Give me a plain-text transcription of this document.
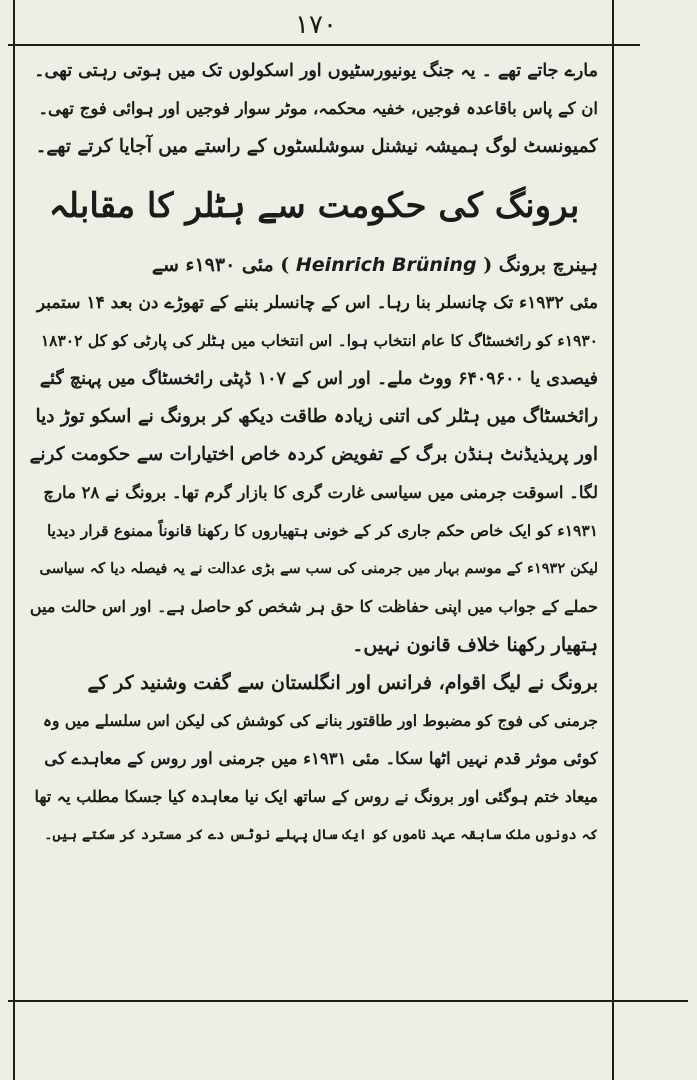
۱۷۰
مارے جاتے تھے ۔ یہ جنگ یونیورسٹیوں اور اسکولوں تک میں ہوتی رہتی تھی۔
ان کے پاس باقاعدہ فوجیں، خفیہ محکمہ، موٹر سوار فوجیں اور ہوائی فوج تھی۔
کمیونسٹ لوگ ہمیشہ نیشنل سوشلسٹوں کے راستے میں آجایا کرتے تھے۔
برونگ کی حکومت سے ہٹلر کا مقابلہ
ہینرچ برونگ ( Heinrich Brüning ) مئی ۱۹۳۰ء سے
مئی ۱۹۳۲ء تک چانسلر بنا رہا۔ اس کے چانسلر بننے کے تھوڑے دن بعد ۱۴ ستمبر
۱۹۳۰ء کو رائخسٹاگ کا عام انتخاب ہوا۔ اس انتخاب میں ہٹلر کی پارٹی کو کل ۱۸۳۰۲
فیصدی یا ۶۴۰۹۶۰۰ ووٹ ملے۔ اور اس کے ۱۰۷ ڈپٹی رائخسٹاگ میں پہنچ گئے
رائخسٹاگ میں ہٹلر کی اتنی زیادہ طاقت دیکھ کر برونگ نے اسکو توڑ دیا
اور پریذیڈنٹ ہنڈن برگ کے تفویض کردہ خاص اختیارات سے حکومت کرنے
لگا۔ اسوقت جرمنی میں سیاسی غارت گری کا بازار گرم تھا۔ برونگ نے ۲۸ مارچ
۱۹۳۱ء کو ایک خاص حکم جاری کر کے خونی ہتھیاروں کا رکھنا قانوناً ممنوع قرار دیدیا
لیکن ۱۹۳۲ء کے موسم بہار میں جرمنی کی سب سے بڑی عدالت نے یہ فیصلہ دیا کہ سیاسی
حملے کے جواب میں اپنی حفاظت کا حق ہر شخص کو حاصل ہے۔ اور اس حالت میں
ہتھیار رکھنا خلاف قانون نہیں۔
برونگ نے لیگ اقوام، فرانس اور انگلستان سے گفت وشنید کر کے
جرمنی کی فوج کو مضبوط اور طاقتور بنانے کی کوشش کی لیکن اس سلسلے میں وہ
کوئی موثر قدم نہیں اٹھا سکا۔ مئی ۱۹۳۱ء میں جرمنی اور روس کے معاہدے کی
میعاد ختم ہوگئی اور برونگ نے روس کے ساتھ ایک نیا معاہدہ کیا جسکا مطلب یہ تھا
کہ دونوں ملک سابقہ عہد ناموں کو ایک سال پہلے نوٹس دے کر مسترد کر سکتے ہیں۔
